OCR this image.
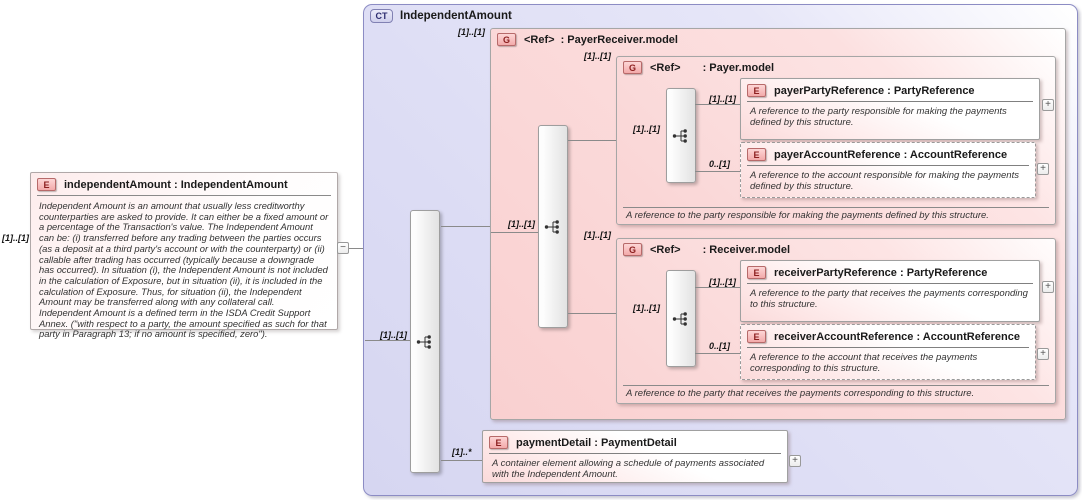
[1]..[1]
E	independentAmount : IndependentAmount
Independent Amount is an amount that usually less creditworthy counterparties are asked to provide. It can either be a fixed amount or a percentage of the Transaction's value. The Independent Amount can be: (i) transferred before any trading between the parties occurs (as a deposit at a third party's account or with the counterparty) or (ii) callable after trading has occurred (typically because a downgrade has occurred). In situation (i), the Independent Amount is not included in the calculation of Exposure, but in situation (ii), it is included in the calculation of Exposure. Thus, for situation (ii), the Independent Amount may be transferred along with any collateral call. Independent Amount is a defined term in the ISDA Credit Support Annex. ("with respect to a party, the amount specified as such for that party in Paragraph 13; if no amount is specified, zero").
−
CT	IndependentAmount
[1]..[1]
[1]..[1]
G	<Ref> : PayerReceiver.model
[1]..[1]
[1]..[1]
G	<Ref> : Payer.model
A reference to the party responsible for making the payments defined by this structure.
[1]..[1]
[1]..[1]
E	payerPartyReference : PartyReference
A reference to the party responsible for making the payments defined by this structure.
+
0..[1]
E	payerAccountReference : AccountReference
A reference to the account responsible for making the payments defined by this structure.
+
[1]..[1]
G	<Ref> : Receiver.model
A reference to the party that receives the payments corresponding to this structure.
[1]..[1]
[1]..[1]
E	receiverPartyReference : PartyReference
A reference to the party that receives the payments corresponding to this structure.
+
0..[1]
E	receiverAccountReference : AccountReference
A reference to the account that receives the payments corresponding to this structure.
+
[1]..*
E	paymentDetail : PaymentDetail
A container element allowing a schedule of payments associated with the Independent Amount.
+
